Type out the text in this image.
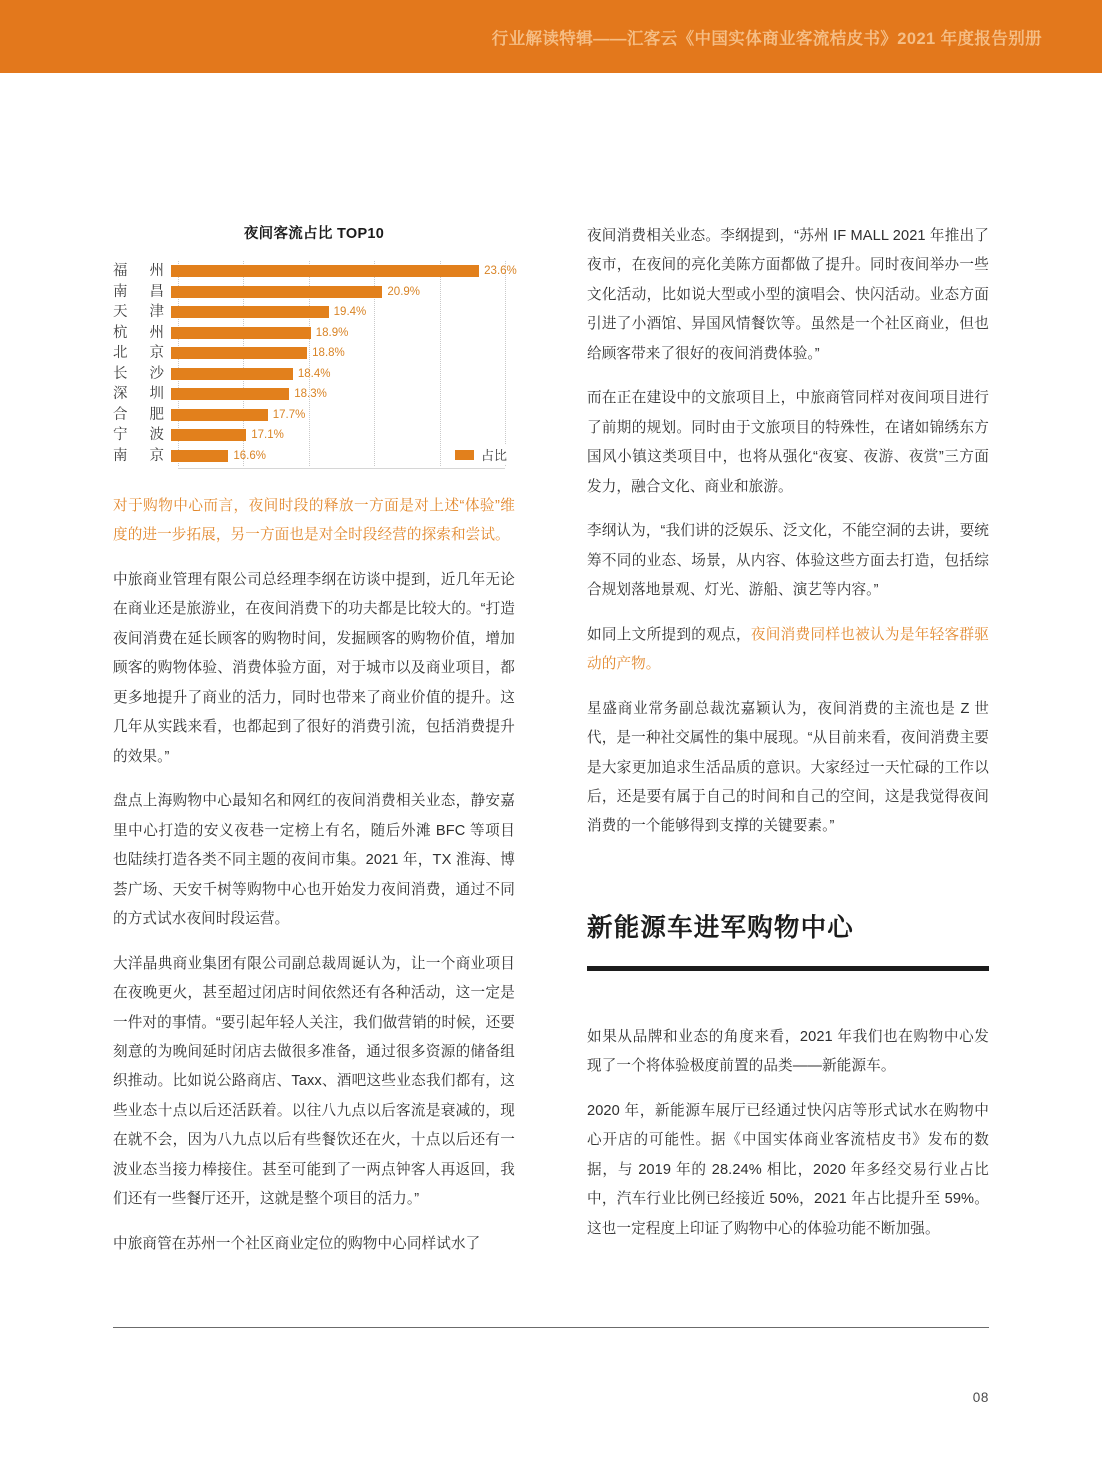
行业解读特辑——汇客云《中国实体商业客流桔皮书》2021 年度报告别册
夜间客流占比 TOP10
福州	23.6%
南昌	20.9%
天津	19.4%
杭州	18.9%
北京	18.8%
长沙	18.4%
深圳	18.3%
合肥	17.7%
宁波	17.1%
南京	16.6%	占比

对于购物中心而言，夜间时段的释放一方面是对上述“体验”维度的进一步拓展，另一方面也是对全时段经营的探索和尝试。

中旅商业管理有限公司总经理李纲在访谈中提到，近几年无论在商业还是旅游业，在夜间消费下的功夫都是比较大的。“打造夜间消费在延长顾客的购物时间，发掘顾客的购物价值，增加顾客的购物体验、消费体验方面，对于城市以及商业项目，都更多地提升了商业的活力，同时也带来了商业价值的提升。这几年从实践来看，也都起到了很好的消费引流，包括消费提升的效果。”

盘点上海购物中心最知名和网红的夜间消费相关业态，静安嘉里中心打造的安义夜巷一定榜上有名，随后外滩 BFC 等项目也陆续打造各类不同主题的夜间市集。2021 年，TX 淮海、博荟广场、天安千树等购物中心也开始发力夜间消费，通过不同的方式试水夜间时段运营。

大洋晶典商业集团有限公司副总裁周诞认为，让一个商业项目在夜晚更火，甚至超过闭店时间依然还有各种活动，这一定是一件对的事情。“要引起年轻人关注，我们做营销的时候，还要刻意的为晚间延时闭店去做很多准备，通过很多资源的储备组织推动。比如说公路商店、Taxx、酒吧这些业态我们都有，这些业态十点以后还活跃着。以往八九点以后客流是衰减的，现在就不会，因为八九点以后有些餐饮还在火，十点以后还有一波业态当接力棒接住。甚至可能到了一两点钟客人再返回，我们还有一些餐厅还开，这就是整个项目的活力。”

中旅商管在苏州一个社区商业定位的购物中心同样试水了

夜间消费相关业态。李纲提到，“苏州 IF MALL 2021 年推出了夜市，在夜间的亮化美陈方面都做了提升。同时夜间举办一些文化活动，比如说大型或小型的演唱会、快闪活动。业态方面引进了小酒馆、异国风情餐饮等。虽然是一个社区商业，但也给顾客带来了很好的夜间消费体验。”

而在正在建设中的文旅项目上，中旅商管同样对夜间项目进行了前期的规划。同时由于文旅项目的特殊性，在诸如锦绣东方国风小镇这类项目中，也将从强化“夜宴、夜游、夜赏”三方面发力，融合文化、商业和旅游。

李纲认为，“我们讲的泛娱乐、泛文化，不能空洞的去讲，要统筹不同的业态、场景，从内容、体验这些方面去打造，包括综合规划落地景观、灯光、游船、演艺等内容。”

如同上文所提到的观点，夜间消费同样也被认为是年轻客群驱动的产物。

星盛商业常务副总裁沈嘉颖认为，夜间消费的主流也是 Z 世代，是一种社交属性的集中展现。“从目前来看，夜间消费主要是大家更加追求生活品质的意识。大家经过一天忙碌的工作以后，还是要有属于自己的时间和自己的空间，这是我觉得夜间消费的一个能够得到支撑的关键要素。”

新能源车进军购物中心

如果从品牌和业态的角度来看，2021 年我们也在购物中心发现了一个将体验极度前置的品类——新能源车。

2020 年，新能源车展厅已经通过快闪店等形式试水在购物中心开店的可能性。据《中国实体商业客流桔皮书》发布的数据，与 2019 年的 28.24% 相比，2020 年多经交易行业占比中，汽车行业比例已经接近 50%，2021 年占比提升至 59%。这也一定程度上印证了购物中心的体验功能不断加强。

08
